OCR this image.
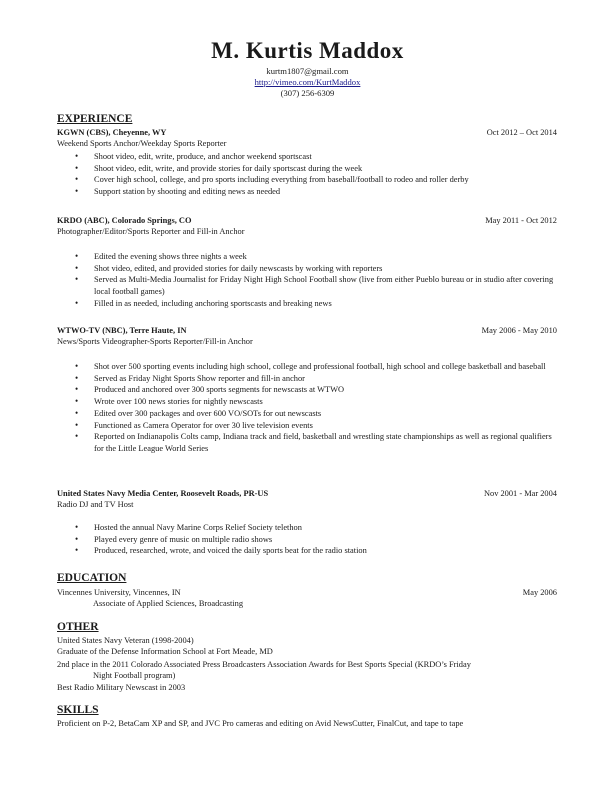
M. Kurtis Maddox
kurtm1807@gmail.com
http://vimeo.com/KurtMaddox
(307) 256-6309
EXPERIENCE
KGWN (CBS), Cheyenne, WY	Oct 2012 – Oct 2014
Weekend Sports Anchor/Weekday Sports Reporter
• Shoot video, edit, write, produce, and anchor weekend sportscast
• Shoot video, edit, write, and provide stories for daily sportscast during the week
• Cover high school, college, and pro sports including everything from baseball/football to rodeo and roller derby
• Support station by shooting and editing news as needed
KRDO (ABC), Colorado Springs, CO	May 2011 - Oct 2012
Photographer/Editor/Sports Reporter and Fill-in Anchor
• Edited the evening shows three nights a week
• Shot video, edited, and provided stories for daily newscasts by working with reporters
• Served as Multi-Media Journalist for Friday Night High School Football show (live from either Pueblo bureau or in studio after covering local football games)
• Filled in as needed, including anchoring sportscasts and breaking news
WTWO-TV (NBC), Terre Haute, IN	May 2006 - May 2010
News/Sports Videographer-Sports Reporter/Fill-in Anchor
• Shot over 500 sporting events including high school, college and professional football, high school and college basketball and baseball
• Served as Friday Night Sports Show reporter and fill-in anchor
• Produced and anchored over 300 sports segments for newscasts at WTWO
• Wrote over 100 news stories for nightly newscasts
• Edited over 300 packages and over 600 VO/SOTs for out newscasts
• Functioned as Camera Operator for over 30 live television events
• Reported on Indianapolis Colts camp, Indiana track and field, basketball and wrestling state championships as well as regional qualifiers for the Little League World Series
United States Navy Media Center, Roosevelt Roads, PR-US	Nov 2001 - Mar 2004
Radio DJ and TV Host
• Hosted the annual Navy Marine Corps Relief Society telethon
• Played every genre of music on multiple radio shows
• Produced, researched, wrote, and voiced the daily sports beat for the radio station
EDUCATION
Vincennes University, Vincennes, IN	May 2006
Associate of Applied Sciences, Broadcasting
OTHER
United States Navy Veteran (1998-2004)
Graduate of the Defense Information School at Fort Meade, MD
2nd place in the 2011 Colorado Associated Press Broadcasters Association Awards for Best Sports Special (KRDO’s Friday
Night Football program)
Best Radio Military Newscast in 2003
SKILLS
Proficient on P-2, BetaCam XP and SP, and JVC Pro cameras and editing on Avid NewsCutter, FinalCut, and tape to tape
